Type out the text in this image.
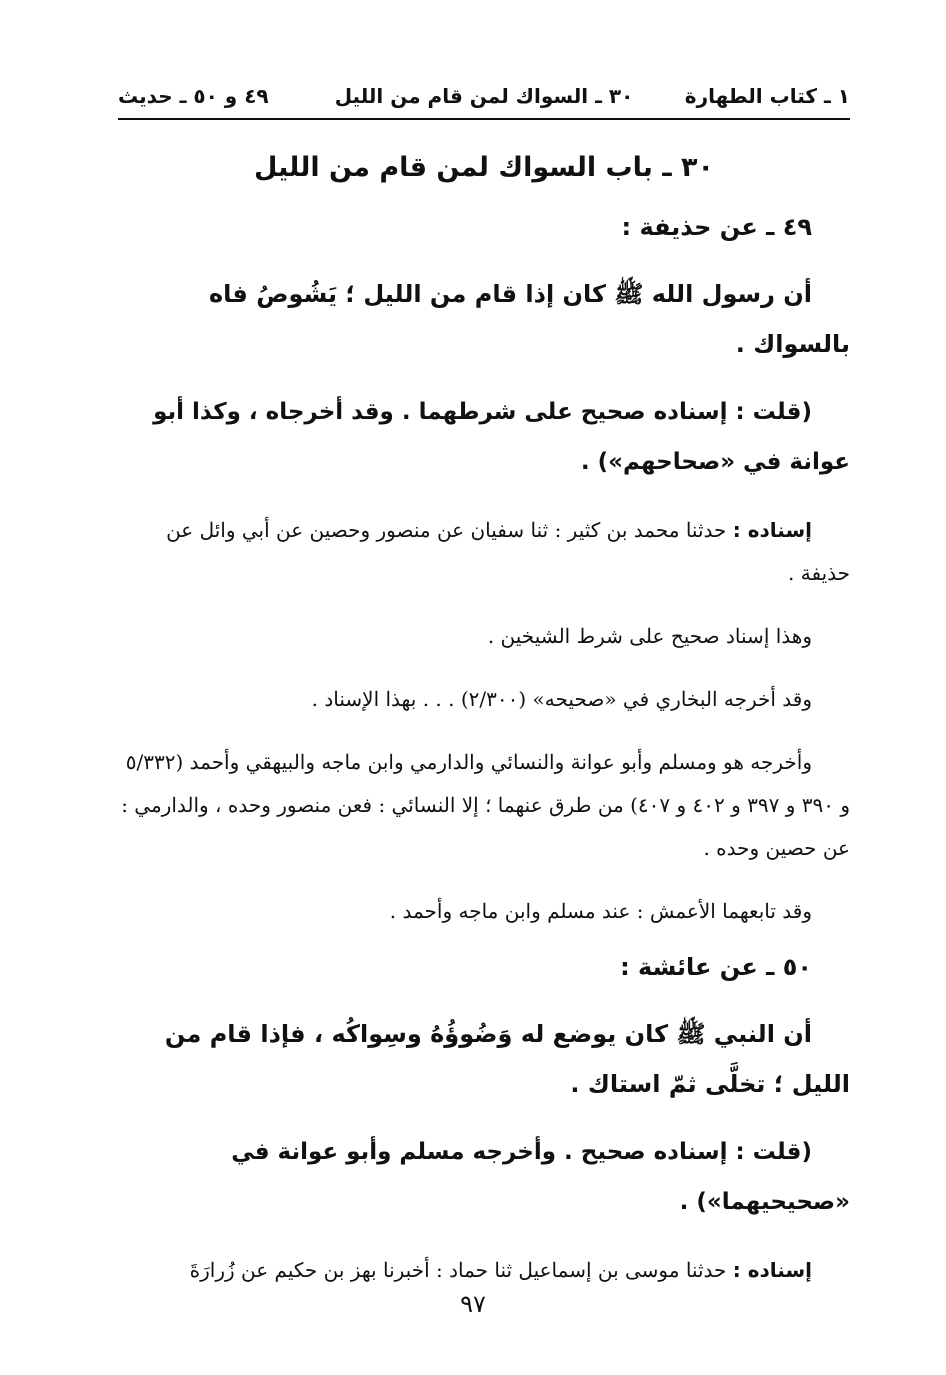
١ ـ كتاب الطهارة
٣٠ ـ السواك لمن قام من الليل
٤٩ و ٥٠ ـ حديث
٣٠ ـ باب السواك لمن قام من الليل
٤٩ ـ عن حذيفة :

أن رسول الله ﷺ كان إذا قام من الليل ؛ يَشُوصُ فاه بالسواك .

(قلت : إسناده صحيح على شرطهما . وقد أخرجاه ، وكذا أبو عوانة في «صحاحهم») .

إسناده : حدثنا محمد بن كثير : ثنا سفيان عن منصور وحصين عن أبي وائل عن حذيفة .

وهذا إسناد صحيح على شرط الشيخين .

وقد أخرجه البخاري في «صحيحه» (٢/٣٠٠) . . . بهذا الإسناد .

وأخرجه هو ومسلم وأبو عوانة والنسائي والدارمي وابن ماجه والبيهقي وأحمد (٥/٣٣٢ و ٣٩٠ و ٣٩٧ و ٤٠٢ و ٤٠٧) من طرق عنهما ؛ إلا النسائي : فعن منصور وحده ، والدارمي : عن حصين وحده .

وقد تابعهما الأعمش : عند مسلم وابن ماجه وأحمد .

٥٠ ـ عن عائشة :

أن النبي ﷺ كان يوضع له وَضُوؤُهُ وسِواكُه ، فإذا قام من الليل ؛ تخلَّى ثمّ استاك .

(قلت : إسناده صحيح . وأخرجه مسلم وأبو عوانة في «صحيحيهما») .

إسناده : حدثنا موسى بن إسماعيل ثنا حماد : أخبرنا بهز بن حكيم عن زُرارَةَ

٩٧
